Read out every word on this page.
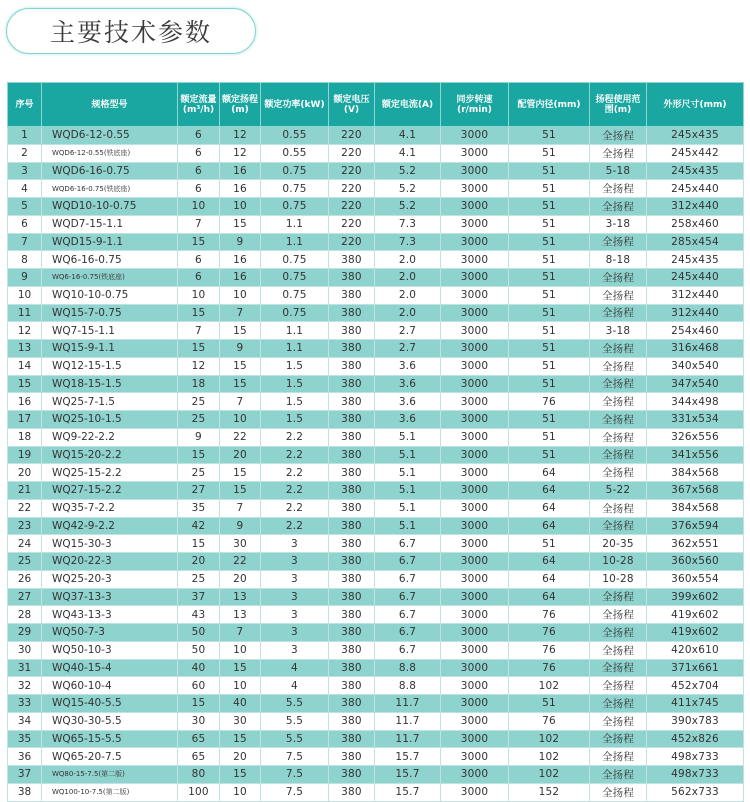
主要技术参数
序号	规格型号	额定流量(m³/h)	额定扬程(m)	额定功率(kW)	额定电压(V)	额定电流(A)	同步转速(r/min)	配管内径(mm)	扬程使用范围(m)	外形尺寸(mm)
1	WQD6-12-0.55	6	12	0.55	220	4.1	3000	51	全扬程	245x435
2	WQD6-12-0.55(铁底座)	6	12	0.55	220	4.1	3000	51	全扬程	245x442
3	WQD6-16-0.75	6	16	0.75	220	5.2	3000	51	5-18	245x435
4	WQD6-16-0.75(铁底座)	6	16	0.75	220	5.2	3000	51	全扬程	245x440
5	WQD10-10-0.75	10	10	0.75	220	5.2	3000	51	全扬程	312x440
6	WQD7-15-1.1	7	15	1.1	220	7.3	3000	51	3-18	258x460
7	WQD15-9-1.1	15	9	1.1	220	7.3	3000	51	全扬程	285x454
8	WQ6-16-0.75	6	16	0.75	380	2.0	3000	51	8-18	245x435
9	WQ6-16-0.75(铁底座)	6	16	0.75	380	2.0	3000	51	全扬程	245x440
10	WQ10-10-0.75	10	10	0.75	380	2.0	3000	51	全扬程	312x440
11	WQ15-7-0.75	15	7	0.75	380	2.0	3000	51	全扬程	312x440
12	WQ7-15-1.1	7	15	1.1	380	2.7	3000	51	3-18	254x460
13	WQ15-9-1.1	15	9	1.1	380	2.7	3000	51	全扬程	316x468
14	WQ12-15-1.5	12	15	1.5	380	3.6	3000	51	全扬程	340x540
15	WQ18-15-1.5	18	15	1.5	380	3.6	3000	51	全扬程	347x540
16	WQ25-7-1.5	25	7	1.5	380	3.6	3000	76	全扬程	344x498
17	WQ25-10-1.5	25	10	1.5	380	3.6	3000	51	全扬程	331x534
18	WQ9-22-2.2	9	22	2.2	380	5.1	3000	51	全扬程	326x556
19	WQ15-20-2.2	15	20	2.2	380	5.1	3000	51	全扬程	341x556
20	WQ25-15-2.2	25	15	2.2	380	5.1	3000	64	全扬程	384x568
21	WQ27-15-2.2	27	15	2.2	380	5.1	3000	64	5-22	367x568
22	WQ35-7-2.2	35	7	2.2	380	5.1	3000	64	全扬程	384x568
23	WQ42-9-2.2	42	9	2.2	380	5.1	3000	64	全扬程	376x594
24	WQ15-30-3	15	30	3	380	6.7	3000	51	20-35	362x551
25	WQ20-22-3	20	22	3	380	6.7	3000	64	10-28	360x560
26	WQ25-20-3	25	20	3	380	6.7	3000	64	10-28	360x554
27	WQ37-13-3	37	13	3	380	6.7	3000	64	全扬程	399x602
28	WQ43-13-3	43	13	3	380	6.7	3000	76	全扬程	419x602
29	WQ50-7-3	50	7	3	380	6.7	3000	76	全扬程	419x602
30	WQ50-10-3	50	10	3	380	6.7	3000	76	全扬程	420x610
31	WQ40-15-4	40	15	4	380	8.8	3000	76	全扬程	371x661
32	WQ60-10-4	60	10	4	380	8.8	3000	102	全扬程	452x704
33	WQ15-40-5.5	15	40	5.5	380	11.7	3000	51	全扬程	411x745
34	WQ30-30-5.5	30	30	5.5	380	11.7	3000	76	全扬程	390x783
35	WQ65-15-5.5	65	15	5.5	380	11.7	3000	102	全扬程	452x826
36	WQ65-20-7.5	65	20	7.5	380	15.7	3000	102	全扬程	498x733
37	WQ80-15-7.5(第二版)	80	15	7.5	380	15.7	3000	102	全扬程	498x733
38	WQ100-10-7.5(第二版)	100	10	7.5	380	15.7	3000	152	全扬程	562x733
